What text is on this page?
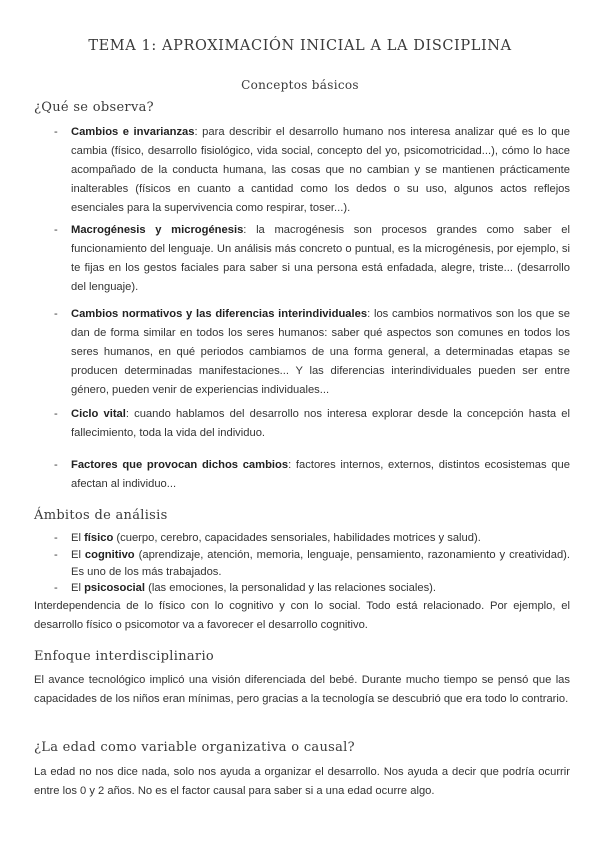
TEMA 1: APROXIMACIÓN INICIAL A LA DISCIPLINA
Conceptos básicos
¿Qué se observa?
- Cambios e invarianzas: para describir el desarrollo humano nos interesa analizar qué es lo que cambia (físico, desarrollo fisiológico, vida social, concepto del yo, psicomotricidad...), cómo lo hace acompañado de la conducta humana, las cosas que no cambian y se mantienen prácticamente inalterables (físicos en cuanto a cantidad como los dedos o su uso, algunos actos reflejos esenciales para la supervivencia como respirar, toser...).
- Macrogénesis y microgénesis: la macrogénesis son procesos grandes como saber el funcionamiento del lenguaje. Un análisis más concreto o puntual, es la microgénesis, por ejemplo, si te fijas en los gestos faciales para saber si una persona está enfadada, alegre, triste... (desarrollo del lenguaje).
- Cambios normativos y las diferencias interindividuales: los cambios normativos son los que se dan de forma similar en todos los seres humanos: saber qué aspectos son comunes en todos los seres humanos, en qué periodos cambiamos de una forma general, a determinadas etapas se producen determinadas manifestaciones... Y las diferencias interindividuales pueden ser entre género, pueden venir de experiencias individuales...
- Ciclo vital: cuando hablamos del desarrollo nos interesa explorar desde la concepción hasta el fallecimiento, toda la vida del individuo.
- Factores que provocan dichos cambios: factores internos, externos, distintos ecosistemas que afectan al individuo...
Ámbitos de análisis
- El físico (cuerpo, cerebro, capacidades sensoriales, habilidades motrices y salud).
- El cognitivo (aprendizaje, atención, memoria, lenguaje, pensamiento, razonamiento y creatividad). Es uno de los más trabajados.
- El psicosocial (las emociones, la personalidad y las relaciones sociales).

Interdependencia de lo físico con lo cognitivo y con lo social. Todo está relacionado. Por ejemplo, el desarrollo físico o psicomotor va a favorecer el desarrollo cognitivo.

Enfoque interdisciplinario

El avance tecnológico implicó una visión diferenciada del bebé. Durante mucho tiempo se pensó que las capacidades de los niños eran mínimas, pero gracias a la tecnología se descubrió que era todo lo contrario.

¿La edad como variable organizativa o causal?

La edad no nos dice nada, solo nos ayuda a organizar el desarrollo. Nos ayuda a decir que podría ocurrir entre los 0 y 2 años. No es el factor causal para saber si a una edad ocurre algo.
